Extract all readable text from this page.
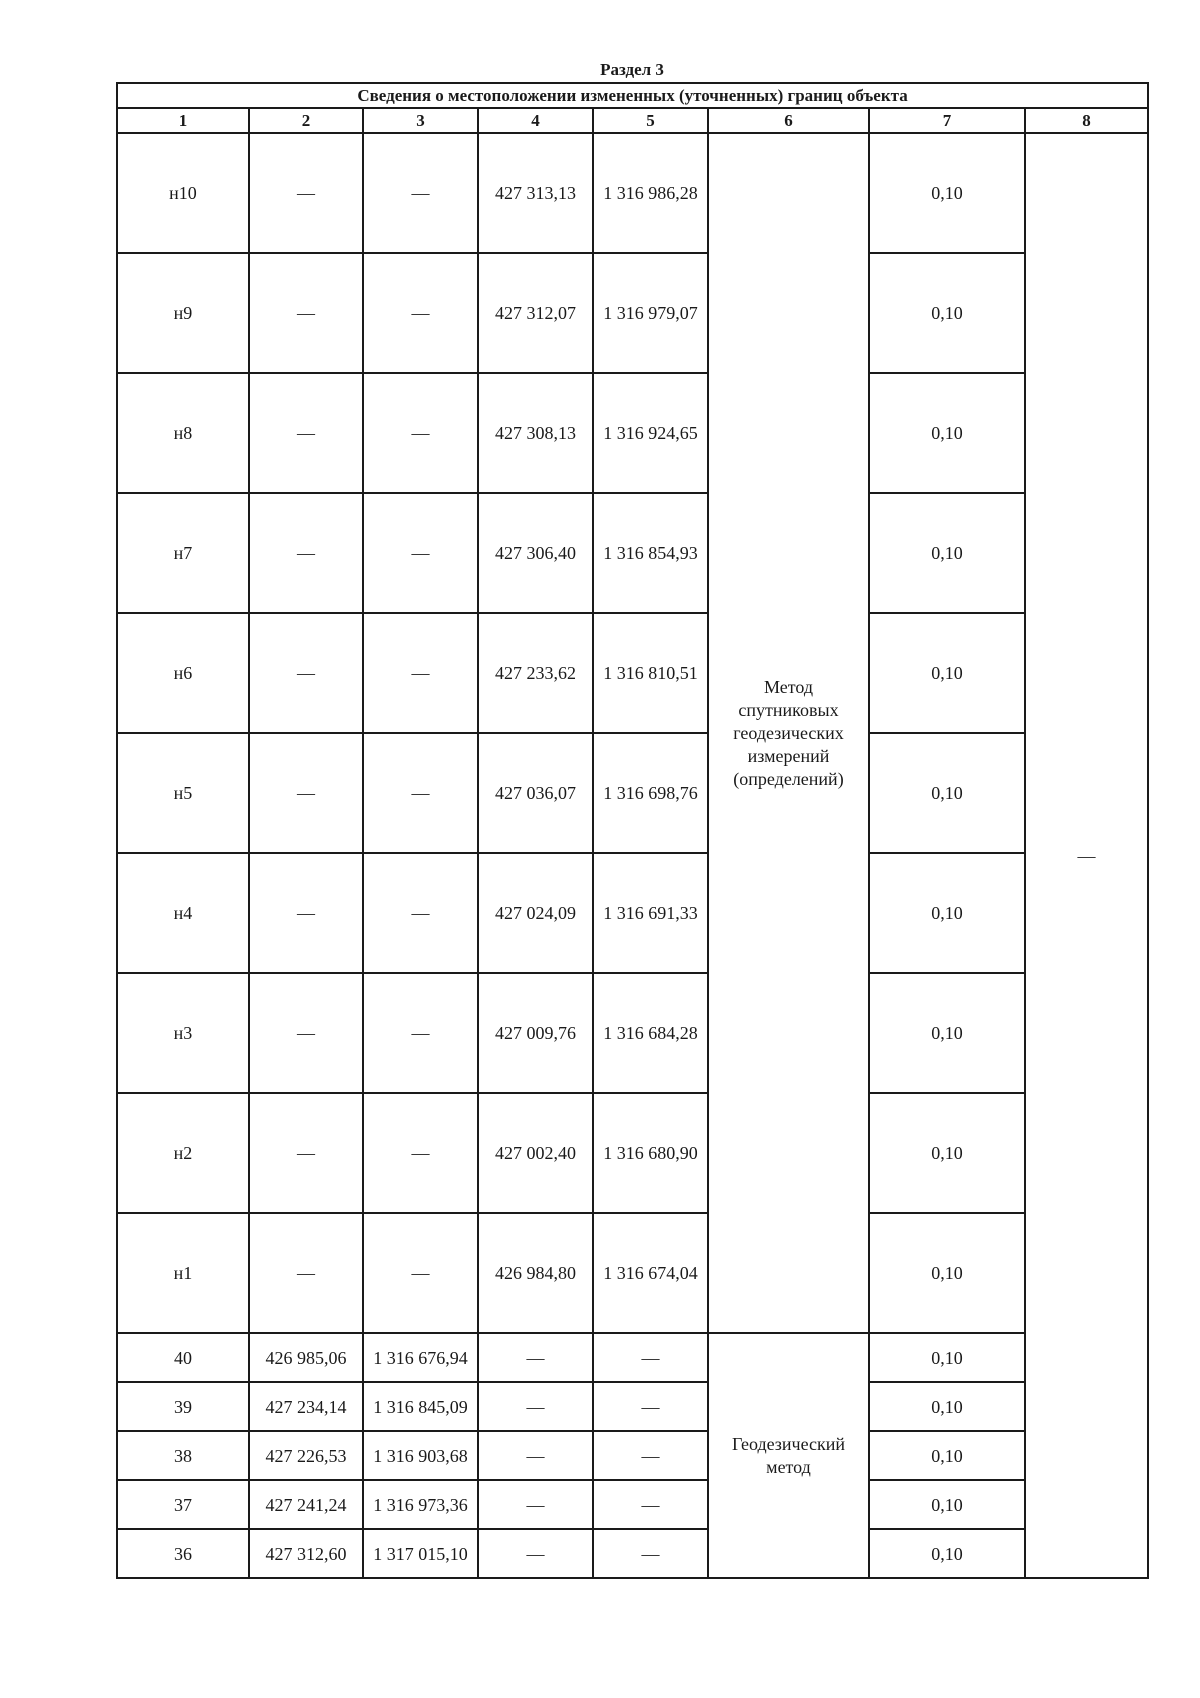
Раздел 3
Сведения о местоположении измененных (уточненных) границ объекта							
1	2	3	4	5	6	7	8
н10	—	—	427 313,13	1 316 986,28	Метод
спутниковых
геодезических
измерений
(определений)	0,10	—
н9	—	—	427 312,07	1 316 979,07		0,10	
н8	—	—	427 308,13	1 316 924,65		0,10	
н7	—	—	427 306,40	1 316 854,93		0,10	
н6	—	—	427 233,62	1 316 810,51		0,10	
н5	—	—	427 036,07	1 316 698,76		0,10	
н4	—	—	427 024,09	1 316 691,33		0,10	
н3	—	—	427 009,76	1 316 684,28		0,10	
н2	—	—	427 002,40	1 316 680,90		0,10	
н1	—	—	426 984,80	1 316 674,04		0,10	
40	426 985,06	1 316 676,94	—	—	Геодезический
метод	0,10	
39	427 234,14	1 316 845,09	—	—		0,10	
38	427 226,53	1 316 903,68	—	—		0,10	
37	427 241,24	1 316 973,36	—	—		0,10	
36	427 312,60	1 317 015,10	—	—		0,10	
